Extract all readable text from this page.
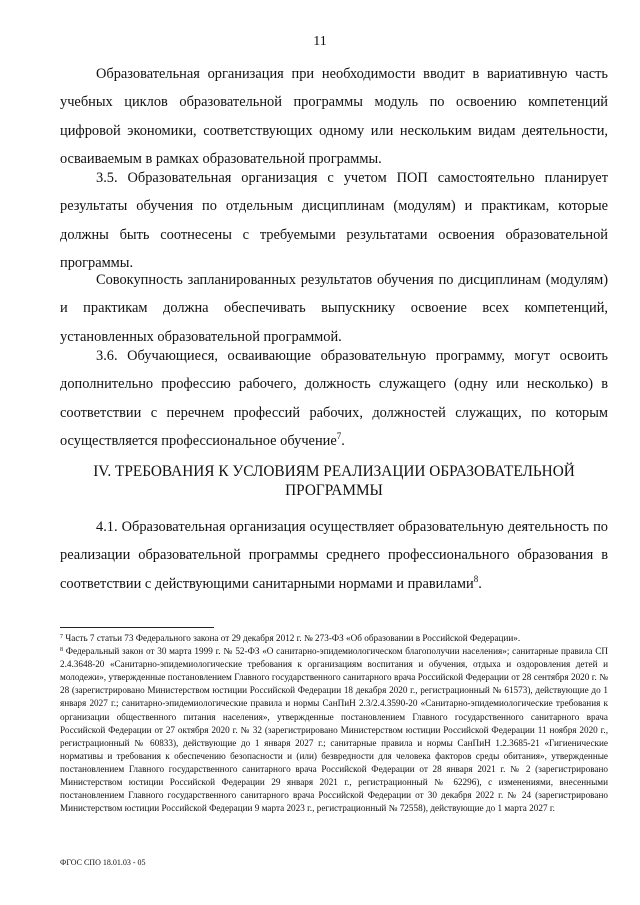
11

Образовательная организация при необходимости вводит в вариативную часть учебных циклов образовательной программы модуль по освоению компетенций цифровой экономики, соответствующих одному или нескольким видам деятельности, осваиваемым в рамках образовательной программы.

3.5. Образовательная организация с учетом ПОП самостоятельно планирует результаты обучения по отдельным дисциплинам (модулям) и практикам, которые должны быть соотнесены с требуемыми результатами освоения образовательной программы.

Совокупность запланированных результатов обучения по дисциплинам (модулям) и практикам должна обеспечивать выпускнику освоение всех компетенций, установленных образовательной программой.

3.6. Обучающиеся, осваивающие образовательную программу, могут освоить дополнительно профессию рабочего, должность служащего (одну или несколько) в соответствии с перечнем профессий рабочих, должностей служащих, по которым осуществляется профессиональное обучение$^7$.

IV. ТРЕБОВАНИЯ К УСЛОВИЯМ РЕАЛИЗАЦИИ ОБРАЗОВАТЕЛЬНОЙ
ПРОГРАММЫ

4.1. Образовательная организация осуществляет образовательную деятельность по реализации образовательной программы среднего профессионального образования в соответствии с действующими санитарными нормами и правилами$^8$.

$^7$ Часть 7 статьи 73 Федерального закона от 29 декабря 2012 г. № 273-ФЗ «Об образовании в Российской Федерации».

$^8$ Федеральный закон от 30 марта 1999 г. № 52-ФЗ «О санитарно-эпидемиологическом благополучии населения»; санитарные правила СП 2.4.3648-20 «Санитарно-эпидемиологические требования к организациям воспитания и обучения, отдыха и оздоровления детей и молодежи», утвержденные постановлением Главного государственного санитарного врача Российской Федерации от 28 сентября 2020 г. № 28 (зарегистрировано Министерством юстиции Российской Федерации 18 декабря 2020 г., регистрационный № 61573), действующие до 1 января 2027 г.; санитарно-эпидемиологические правила и нормы СанПиН 2.3/2.4.3590-20 «Санитарно-эпидемиологические требования к организации общественного питания населения», утвержденные постановлением Главного государственного санитарного врача Российской Федерации от 27 октября 2020 г. № 32 (зарегистрировано Министерством юстиции Российской Федерации 11 ноября 2020 г., регистрационный № 60833), действующие до 1 января 2027 г.; санитарные правила и нормы СанПиН 1.2.3685-21 «Гигиенические нормативы и требования к обеспечению безопасности и (или) безвредности для человека факторов среды обитания», утвержденные постановлением Главного государственного санитарного врача Российской Федерации от 28 января 2021 г. № 2 (зарегистрировано Министерством юстиции Российской Федерации 29 января 2021 г., регистрационный № 62296), с изменениями, внесенными постановлением Главного государственного санитарного врача Российской Федерации от 30 декабря 2022 г. № 24 (зарегистрировано Министерством юстиции Российской Федерации 9 марта 2023 г., регистрационный № 72558), действующие до 1 марта 2027 г.

ФГОС СПО 18.01.03 - 05
